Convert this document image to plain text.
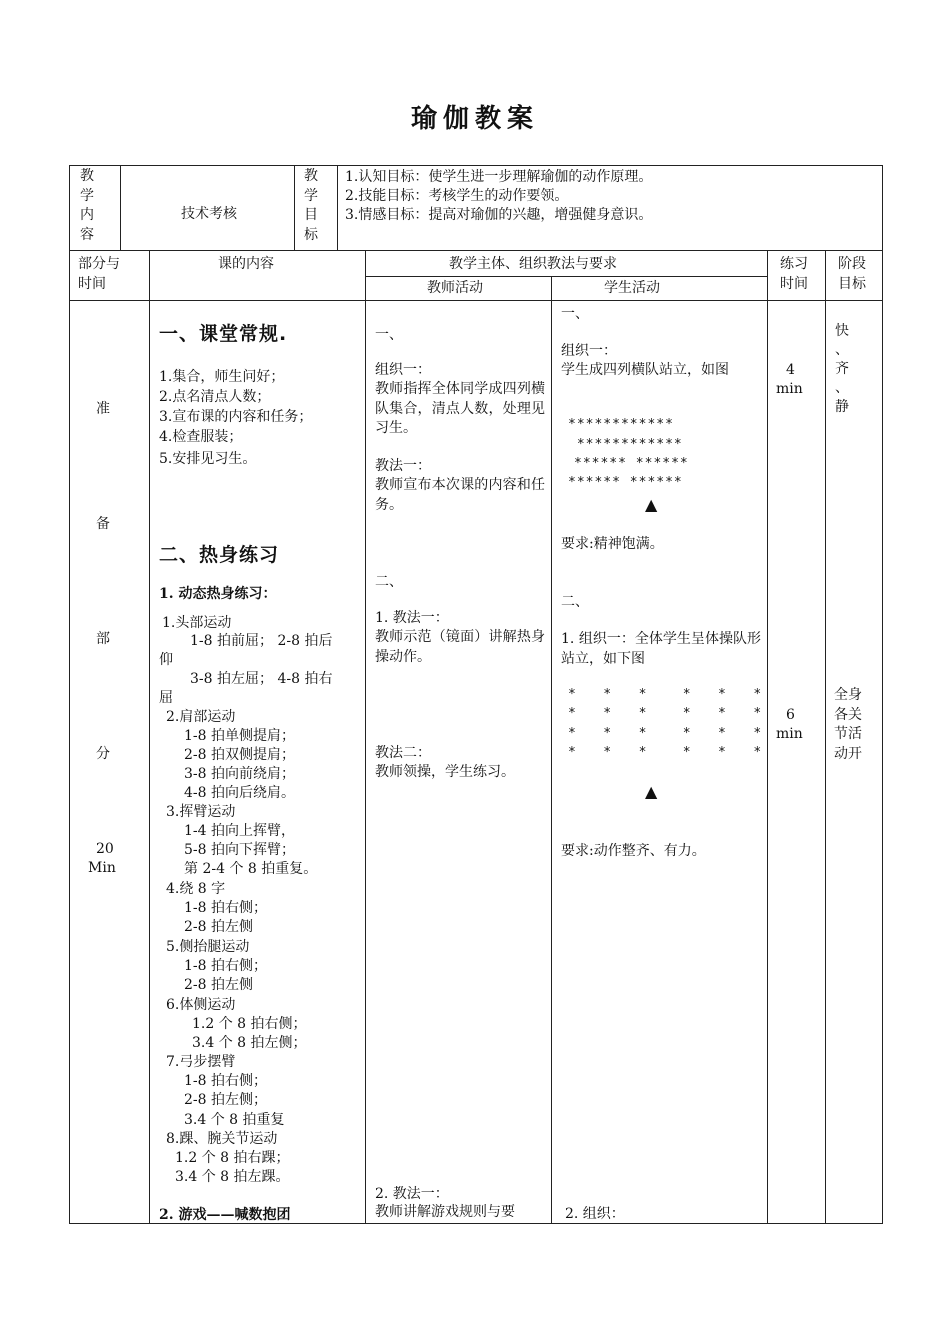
瑜伽教案
教学内容
技术考核
教学目标
1.认知目标：使学生进一步理解瑜伽的动作原理。
2.技能目标：考核学生的动作要领。
3.情感目标：提高对瑜伽的兴趣，增强健身意识。
部分与
时间
课的内容	教学主体、组织教法与要求
教师活动	学生活动
练习
时间
阶段
目标
准
备
部
分
20
Min
一、课堂常规.
1.集合，师生问好；
2.点名清点人数；
3.宣布课的内容和任务；
4.检查服装；
5.安排见习生。
二、热身练习
1. 动态热身练习：
1.头部运动
1-8 拍前屈； 2-8 拍后
仰
3-8 拍左屈； 4-8 拍右
屈
2.肩部运动
1-8 拍单侧提肩；
2-8 拍双侧提肩；
3-8 拍向前绕肩；
4-8 拍向后绕肩。
3.挥臂运动
1-4 拍向上挥臂，
5-8 拍向下挥臂；
第 2-4 个 8 拍重复。
4.绕 8 字
1-8 拍右侧；
2-8 拍左侧
5.侧抬腿运动
1-8 拍右侧；
2-8 拍左侧
6.体侧运动
1.2 个 8 拍右侧；
3.4 个 8 拍左侧；
7.弓步摆臂
1-8 拍右侧；
2-8 拍左侧；
3.4 个 8 拍重复
8.踝、腕关节运动
1.2 个 8 拍右踝；
3.4 个 8 拍左踝。
2. 游戏——喊数抱团
一、
组织一：
教师指挥全体同学成四列横队集合，清点人数，处理见习生。
教法一：
教师宣布本次课的内容和任务。
二、
1. 教法一：
教师示范（镜面）讲解热身操动作。
教法二：
教师领操，学生练习。
2. 教法一：
教师讲解游戏规则与要
一、
组织一：
学生成四列横队站立，如图
************
************
****** ******
****** ******
▲
要求:精神饱满。
二、
1. 组织一：全体学生呈体操队形站立，如下图
*   *   *    *   *   *
*   *   *    *   *   *
*   *   *    *   *   *
*   *   *    *   *   *
▲
要求:动作整齐、有力。
2. 组织：
4
min
6
min
快
、
齐
、
静
全身各关节活动开
